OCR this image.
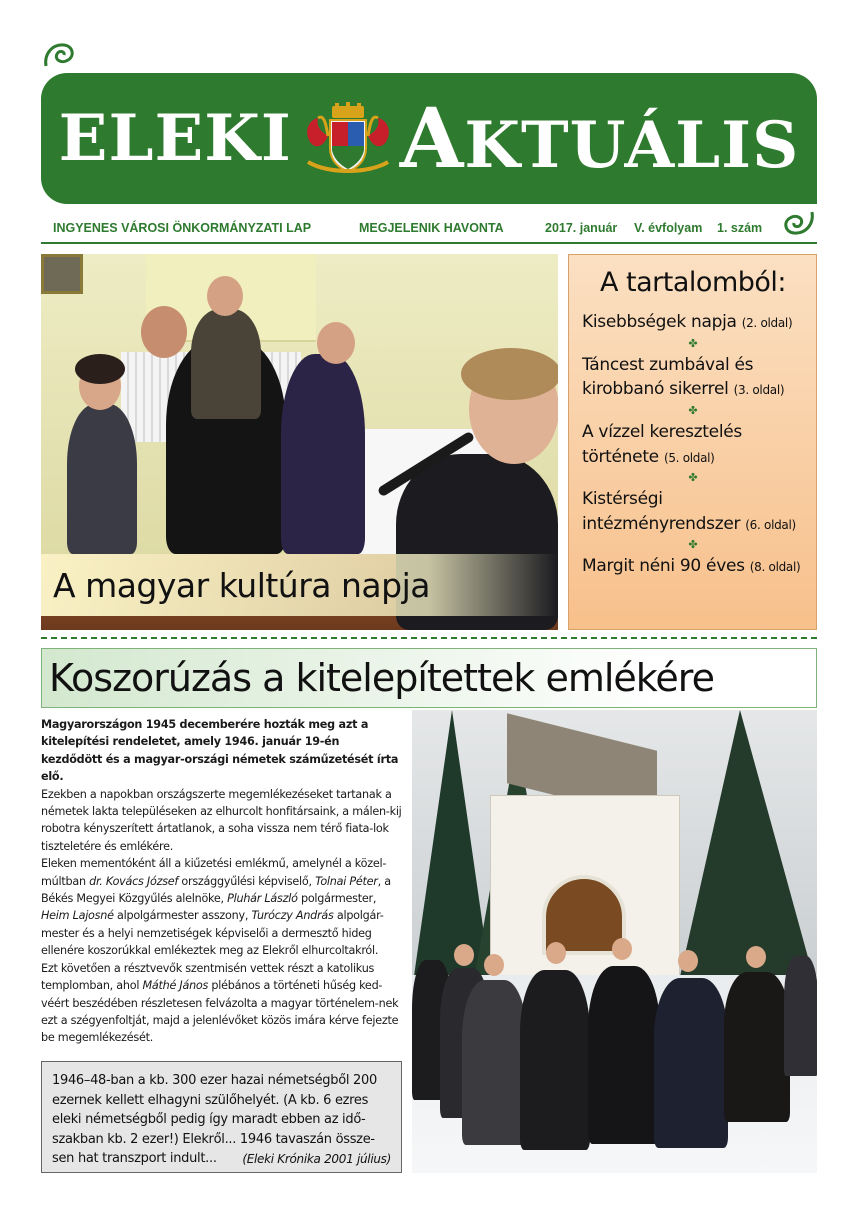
ELEKI AKTUÁLIS
INGYENES VÁROSI ÖNKORMÁNYZATI LAP	MEGJELENIK HAVONTA	2017. január V. évfolyam 1. szám
A magyar kultúra napja
A tartalomból:
Kisebbségek napja (2. oldal)
✤
Táncest zumbával és kirobbanó sikerrel (3. oldal)
✤
A vízzel keresztelés története (5. oldal)
✤
Kistérségi intézményrendszer (6. oldal)
✤
Margit néni 90 éves (8. oldal)
Koszorúzás a kitelepítettek emlékére

Magyarországon 1945 decemberére hozták meg azt a kitelepítési rendeletet, amely 1946. január 19-én kezdődött és a magyar-országi németek száműzetését írta elő.

Ezekben a napokban országszerte megemlékezéseket tartanak a németek lakta településeken az elhurcolt honfitársaink, a málen-kij robotra kényszerített ártatlanok, a soha vissza nem térő fiata-lok tiszteletére és emlékére.

Eleken mementóként áll a kiűzetési emlékmű, amelynél a közel-múltban dr. Kovács József országgyűlési képviselő, Tolnai Péter, a Békés Megyei Közgyűlés alelnöke, Pluhár László polgármester, Heim Lajosné alpolgármester asszony, Turóczy András alpolgár-mester és a helyi nemzetiségek képviselői a dermesztő hideg ellenére koszorúkkal emlékeztek meg az Elekről elhurcoltakról.

Ezt követően a résztvevők szentmisén vettek részt a katolikus templomban, ahol Máthé János plébános a történeti hűség ked-véért beszédében részletesen felvázolta a magyar történelem-nek ezt a szégyenfoltját, majd a jelenlévőket közös imára kérve fejezte be megemlékezését.

1946–48-ban a kb. 300 ezer hazai németségből 200 ezernek kellett elhagyni szülőhelyét. (A kb. 6 ezres eleki németségből pedig így maradt ebben az idő-szakban kb. 2 ezer!) Elekről... 1946 tavaszán össze-sen hat transzport indult...	(Eleki Krónika 2001 július)
